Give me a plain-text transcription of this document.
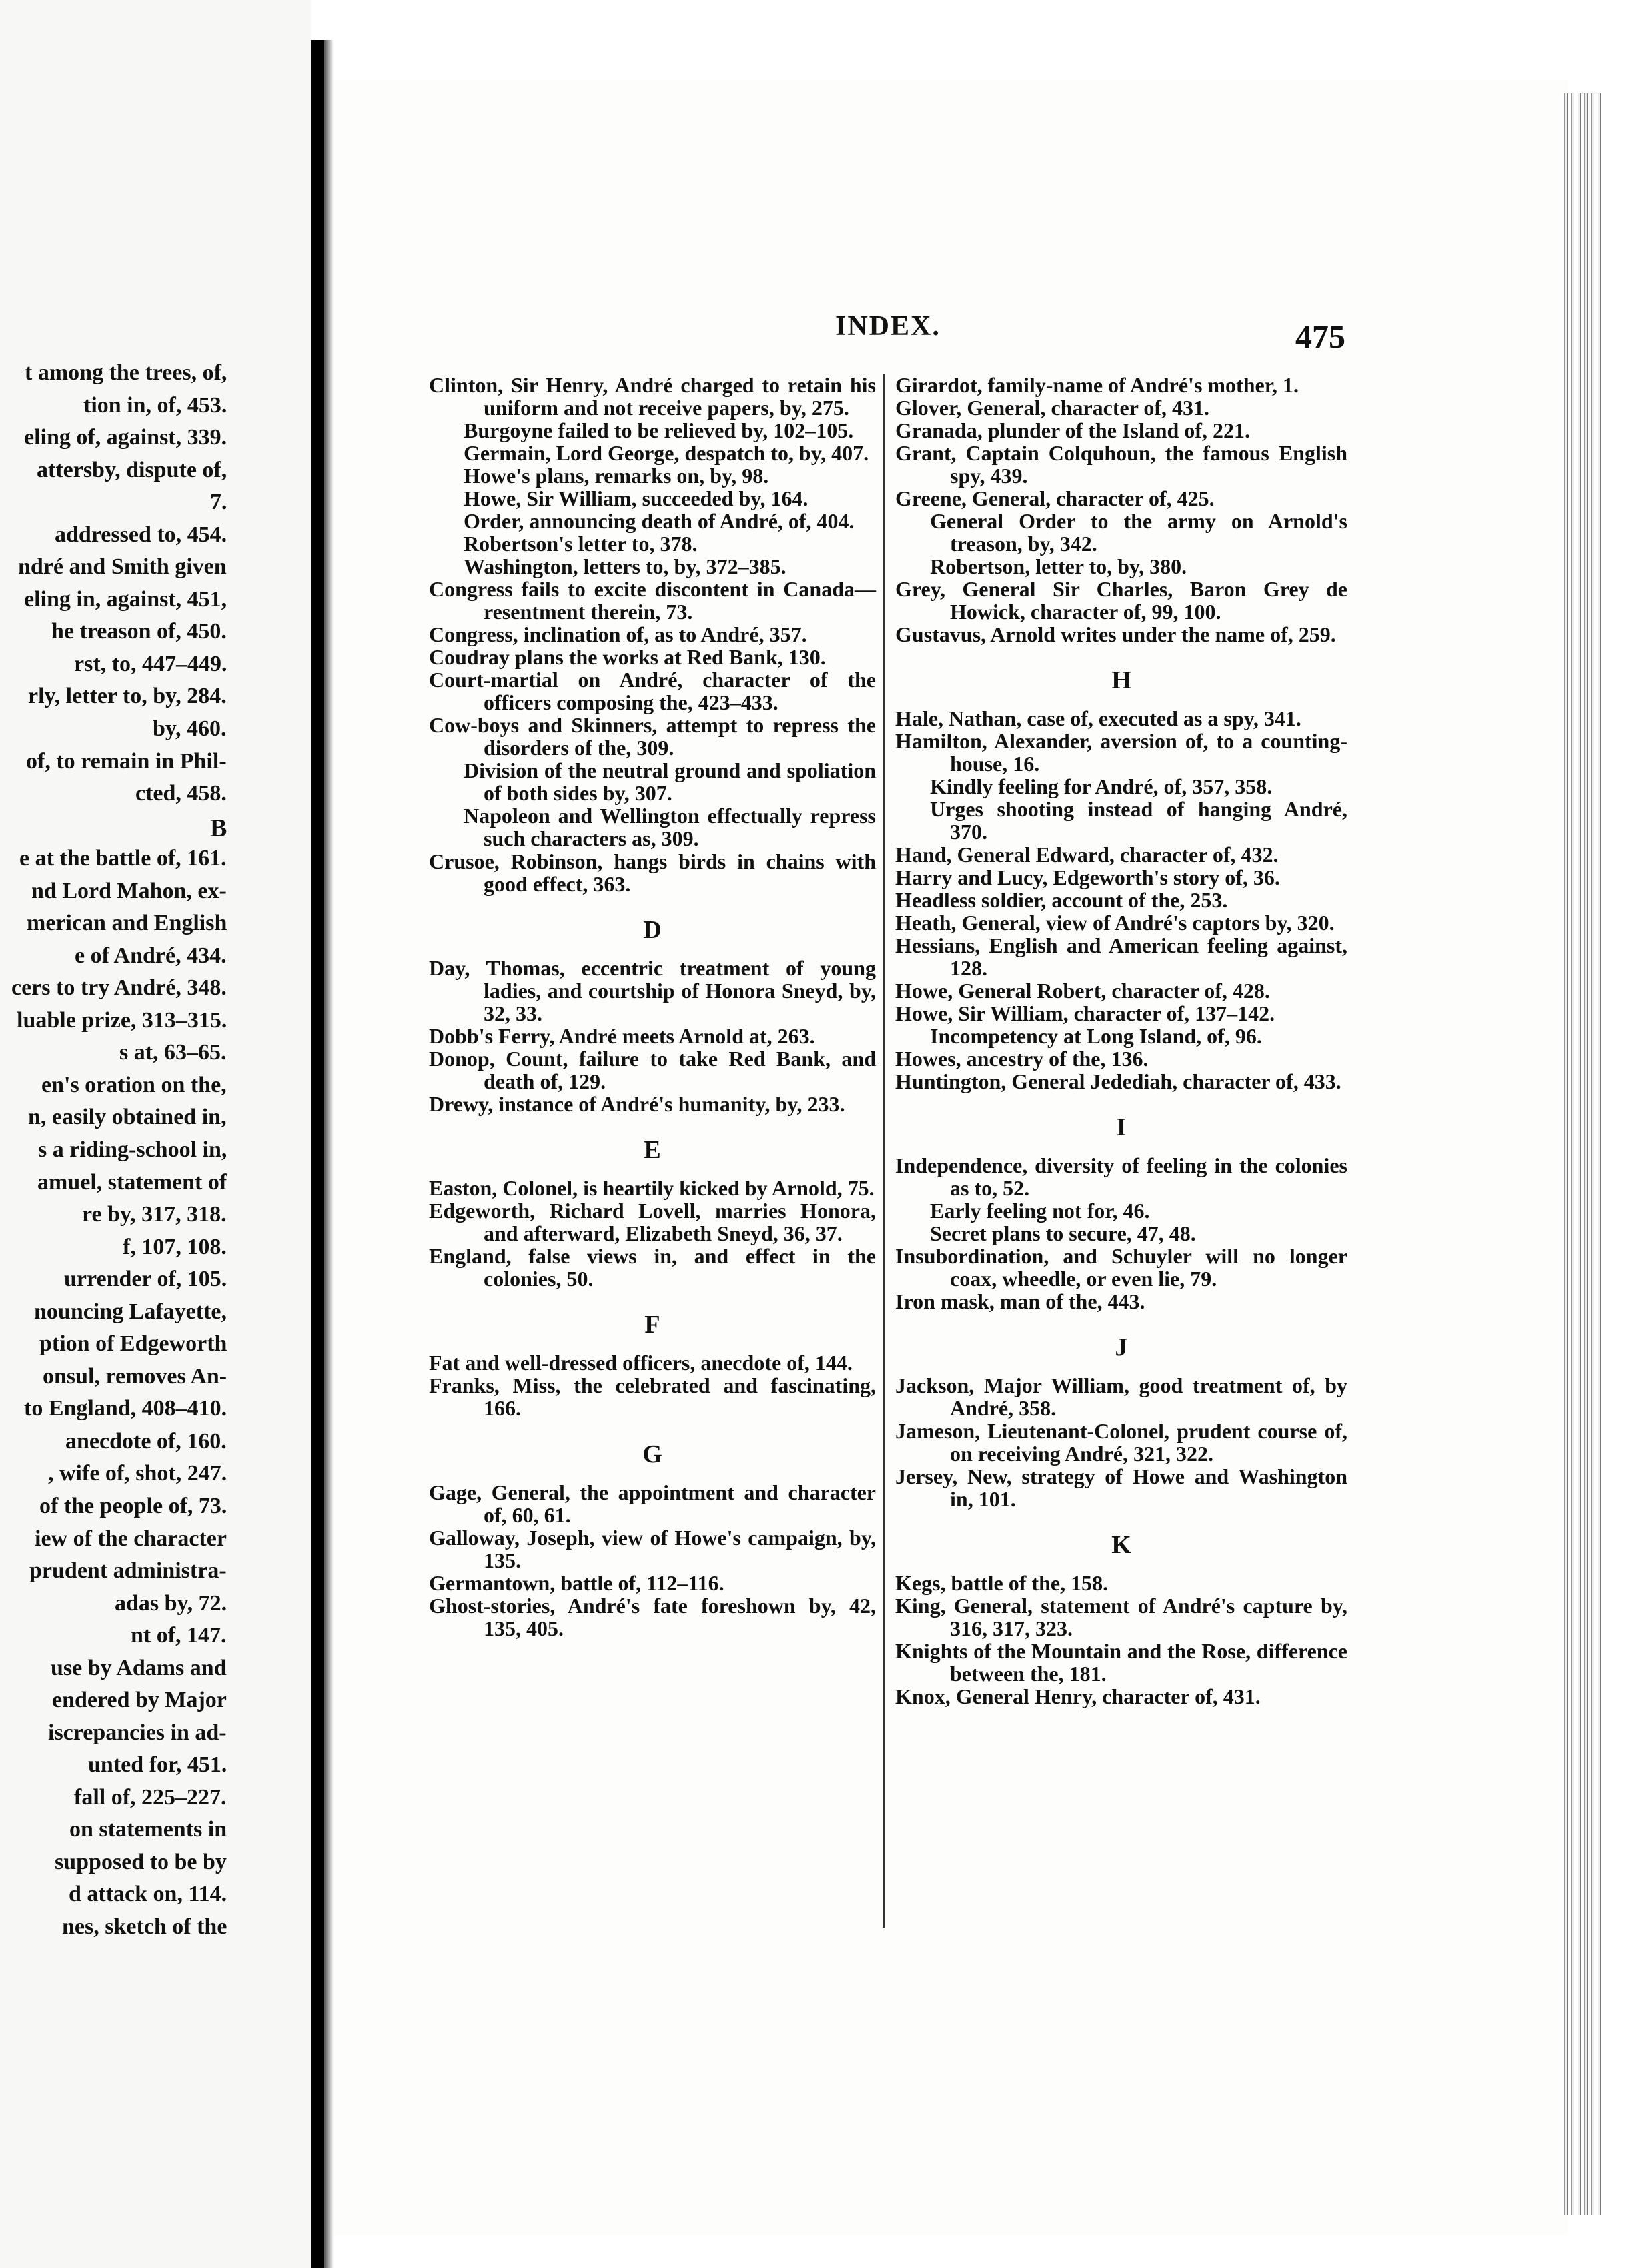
t among the trees, of,
tion in, of, 453.
eling of, against, 339.
attersby, dispute of,
7.
addressed to, 454.
ndré and Smith given
eling in, against, 451,
he treason of, 450.
rst, to, 447–449.
rly, letter to, by, 284.
by, 460.
of, to remain in Phil-
cted, 458.
B
e at the battle of, 161.
nd Lord Mahon, ex-
merican and English
e of André, 434.
cers to try André, 348.
luable prize, 313–315.
s at, 63–65.
en's oration on the,
n, easily obtained in,
s a riding-school in,
amuel, statement of
re by, 317, 318.
f, 107, 108.
urrender of, 105.
nouncing Lafayette,
ption of Edgeworth
onsul, removes An-
to England, 408–410.
anecdote of, 160.
, wife of, shot, 247.
of the people of, 73.
iew of the character
prudent administra-
adas by, 72.
nt of, 147.
use by Adams and
endered by Major
iscrepancies in ad-
unted for, 451.
fall of, 225–227.
on statements in
supposed to be by
d attack on, 114.
nes, sketch of the
INDEX.	475

Clinton, Sir Henry, André charged to retain his uniform and not receive papers, by, 275.

Burgoyne failed to be relieved by, 102–105.

Germain, Lord George, despatch to, by, 407.

Howe's plans, remarks on, by, 98.

Howe, Sir William, succeeded by, 164.

Order, announcing death of André, of, 404.

Robertson's letter to, 378.

Washington, letters to, by, 372–385.

Congress fails to excite discontent in Canada—resentment therein, 73.

Congress, inclination of, as to André, 357.

Coudray plans the works at Red Bank, 130.

Court-martial on André, character of the officers composing the, 423–433.

Cow-boys and Skinners, attempt to repress the disorders of the, 309.

Division of the neutral ground and spoliation of both sides by, 307.

Napoleon and Wellington effectually repress such characters as, 309.

Crusoe, Robinson, hangs birds in chains with good effect, 363.

D

Day, Thomas, eccentric treatment of young ladies, and courtship of Honora Sneyd, by, 32, 33.

Dobb's Ferry, André meets Arnold at, 263.

Donop, Count, failure to take Red Bank, and death of, 129.

Drewy, instance of André's humanity, by, 233.

E

Easton, Colonel, is heartily kicked by Arnold, 75.

Edgeworth, Richard Lovell, marries Honora, and afterward, Elizabeth Sneyd, 36, 37.

England, false views in, and effect in the colonies, 50.

F

Fat and well-dressed officers, anecdote of, 144.

Franks, Miss, the celebrated and fascinating, 166.

G

Gage, General, the appointment and character of, 60, 61.

Galloway, Joseph, view of Howe's campaign, by, 135.

Germantown, battle of, 112–116.

Ghost-stories, André's fate foreshown by, 42, 135, 405.

Girardot, family-name of André's mother, 1.

Glover, General, character of, 431.

Granada, plunder of the Island of, 221.

Grant, Captain Colquhoun, the famous English spy, 439.

Greene, General, character of, 425.

General Order to the army on Arnold's treason, by, 342.

Robertson, letter to, by, 380.

Grey, General Sir Charles, Baron Grey de Howick, character of, 99, 100.

Gustavus, Arnold writes under the name of, 259.

H

Hale, Nathan, case of, executed as a spy, 341.

Hamilton, Alexander, aversion of, to a counting-house, 16.

Kindly feeling for André, of, 357, 358.

Urges shooting instead of hanging André, 370.

Hand, General Edward, character of, 432.

Harry and Lucy, Edgeworth's story of, 36.

Headless soldier, account of the, 253.

Heath, General, view of André's captors by, 320.

Hessians, English and American feeling against, 128.

Howe, General Robert, character of, 428.

Howe, Sir William, character of, 137–142.

Incompetency at Long Island, of, 96.

Howes, ancestry of the, 136.

Huntington, General Jedediah, character of, 433.

I

Independence, diversity of feeling in the colonies as to, 52.

Early feeling not for, 46.

Secret plans to secure, 47, 48.

Insubordination, and Schuyler will no longer coax, wheedle, or even lie, 79.

Iron mask, man of the, 443.

J

Jackson, Major William, good treatment of, by André, 358.

Jameson, Lieutenant-Colonel, prudent course of, on receiving André, 321, 322.

Jersey, New, strategy of Howe and Washington in, 101.

K

Kegs, battle of the, 158.

King, General, statement of André's capture by, 316, 317, 323.

Knights of the Mountain and the Rose, difference between the, 181.

Knox, General Henry, character of, 431.
